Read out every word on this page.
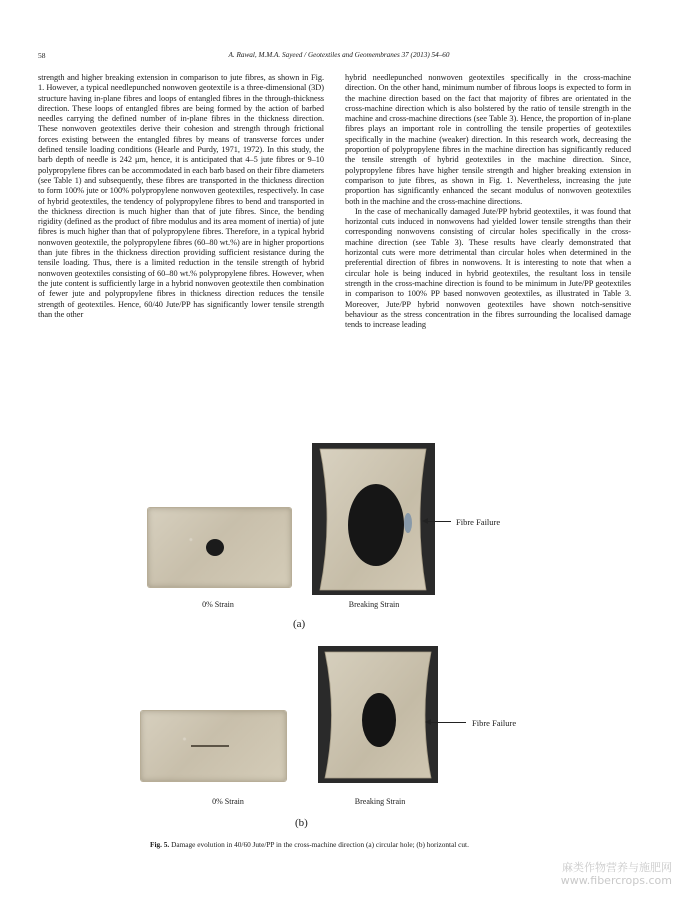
58	A. Rawal, M.M.A. Sayeed / Geotextiles and Geomembranes 37 (2013) 54–60

strength and higher breaking extension in comparison to jute fibres, as shown in Fig. 1. However, a typical needlepunched nonwoven geotextile is a three-dimensional (3D) structure having in-plane fibres and loops of entangled fibres in the through-thickness direction. These loops of entangled fibres are being formed by the action of barbed needles carrying the defined number of in-plane fibres in the thickness direction. These nonwoven geotextiles derive their cohesion and strength through frictional forces existing between the entangled fibres by means of transverse forces under defined tensile loading conditions (Hearle and Purdy, 1971, 1972). In this study, the barb depth of needle is 242 μm, hence, it is anticipated that 4–5 jute fibres or 9–10 polypropylene fibres can be accommodated in each barb based on their fibre diameters (see Table 1) and subsequently, these fibres are transported in the thickness direction to form 100% jute or 100% polypropylene nonwoven geotextiles, respectively. In case of hybrid geotextiles, the tendency of polypropylene fibres to bend and transported in the thickness direction is much higher than that of jute fibres. Since, the bending rigidity (defined as the product of fibre modulus and its area moment of inertia) of jute fibres is much higher than that of polypropylene fibres. Therefore, in a typical hybrid nonwoven geotextile, the polypropylene fibres (60–80 wt.%) are in higher proportions than jute fibres in the thickness direction providing sufficient resistance during the tensile loading. Thus, there is a limited reduction in the tensile strength of hybrid nonwoven geotextiles consisting of 60–80 wt.% polypropylene fibres. However, when the jute content is sufficiently large in a hybrid nonwoven geotextile then combination of fewer jute and polypropylene fibres in thickness direction reduces the tensile strength of geotextiles. Hence, 60/40 Jute/PP has significantly lower tensile strength than the other

hybrid needlepunched nonwoven geotextiles specifically in the cross-machine direction. On the other hand, minimum number of fibrous loops is expected to form in the machine direction based on the fact that majority of fibres are orientated in the cross-machine direction which is also bolstered by the ratio of tensile strength in the machine and cross-machine directions (see Table 3). Hence, the proportion of in-plane fibres plays an important role in controlling the tensile properties of geotextiles specifically in the machine (weaker) direction. In this research work, decreasing the proportion of polypropylene fibres in the machine direction has significantly reduced the tensile strength of hybrid geotextiles in the machine direction. Since, polypropylene fibres have higher tensile strength and higher breaking extension in comparison to jute fibres, as shown in Fig. 1. Nevertheless, increasing the jute proportion has significantly enhanced the secant modulus of nonwoven geotextiles both in the machine and the cross-machine directions.

In the case of mechanically damaged Jute/PP hybrid geotextiles, it was found that horizontal cuts induced in nonwovens had yielded lower tensile strengths than their corresponding nonwovens consisting of circular holes specifically in the cross-machine direction (see Table 3). These results have clearly demonstrated that horizontal cuts were more detrimental than circular holes when determined in the preferential direction of fibres in nonwovens. It is interesting to note that when a circular hole is being induced in hybrid geotextiles, the resultant loss in tensile strength in the cross-machine direction is found to be minimum in Jute/PP geotextiles in comparison to 100% PP based nonwoven geotextiles, as illustrated in Table 3. Moreover, Jute/PP hybrid nonwoven geotextiles have shown notch-sensitive behaviour as the stress concentration in the fibres surrounding the localised damage tends to increase leading

0% Strain
Fibre Failure
Breaking Strain
(a)
0% Strain
Fibre Failure
Breaking Strain
(b)
Fig. 5. Damage evolution in 40/60 Jute/PP in the cross-machine direction (a) circular hole; (b) horizontal cut.
麻类作物营养与施肥网
www.fibercrops.com
